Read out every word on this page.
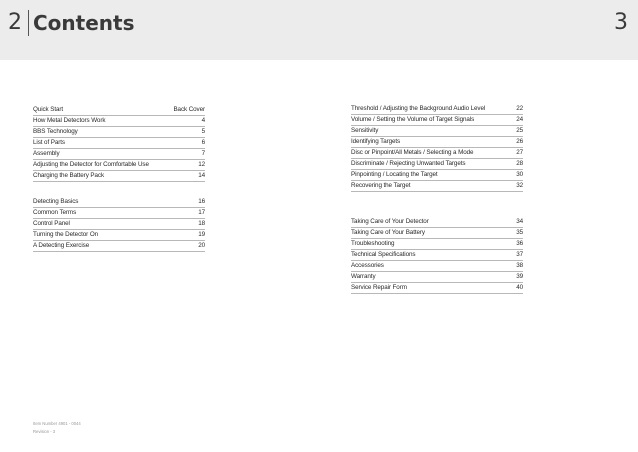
2 Contents	3
Quick Start	Back Cover
How Metal Detectors Work	4
BBS Technology	5
List of Parts	6
Assembly	7
Adjusting the Detector for Comfortable Use	12
Charging the Battery Pack	14
Detecting Basics	16
Common Terms	17
Control Panel	18
Turning the Detector On	19
A Detecting Exercise	20
Threshold / Adjusting the Background Audio Level	22
Volume / Setting the Volume of Target Signals	24
Sensitivity	25
Identifying Targets	26
Disc or Pinpoint/All Metals / Selecting a Mode	27
Discriminate / Rejecting Unwanted Targets	28
Pinpointing / Locating the Target	30
Recovering the Target	32
Taking Care of Your Detector	34
Taking Care of Your Battery	35
Troubleshooting	36
Technical Specifications	37
Accessories	38
Warranty	39
Service Repair Form	40
Item Number 4901 - 0044
Revision - 3
